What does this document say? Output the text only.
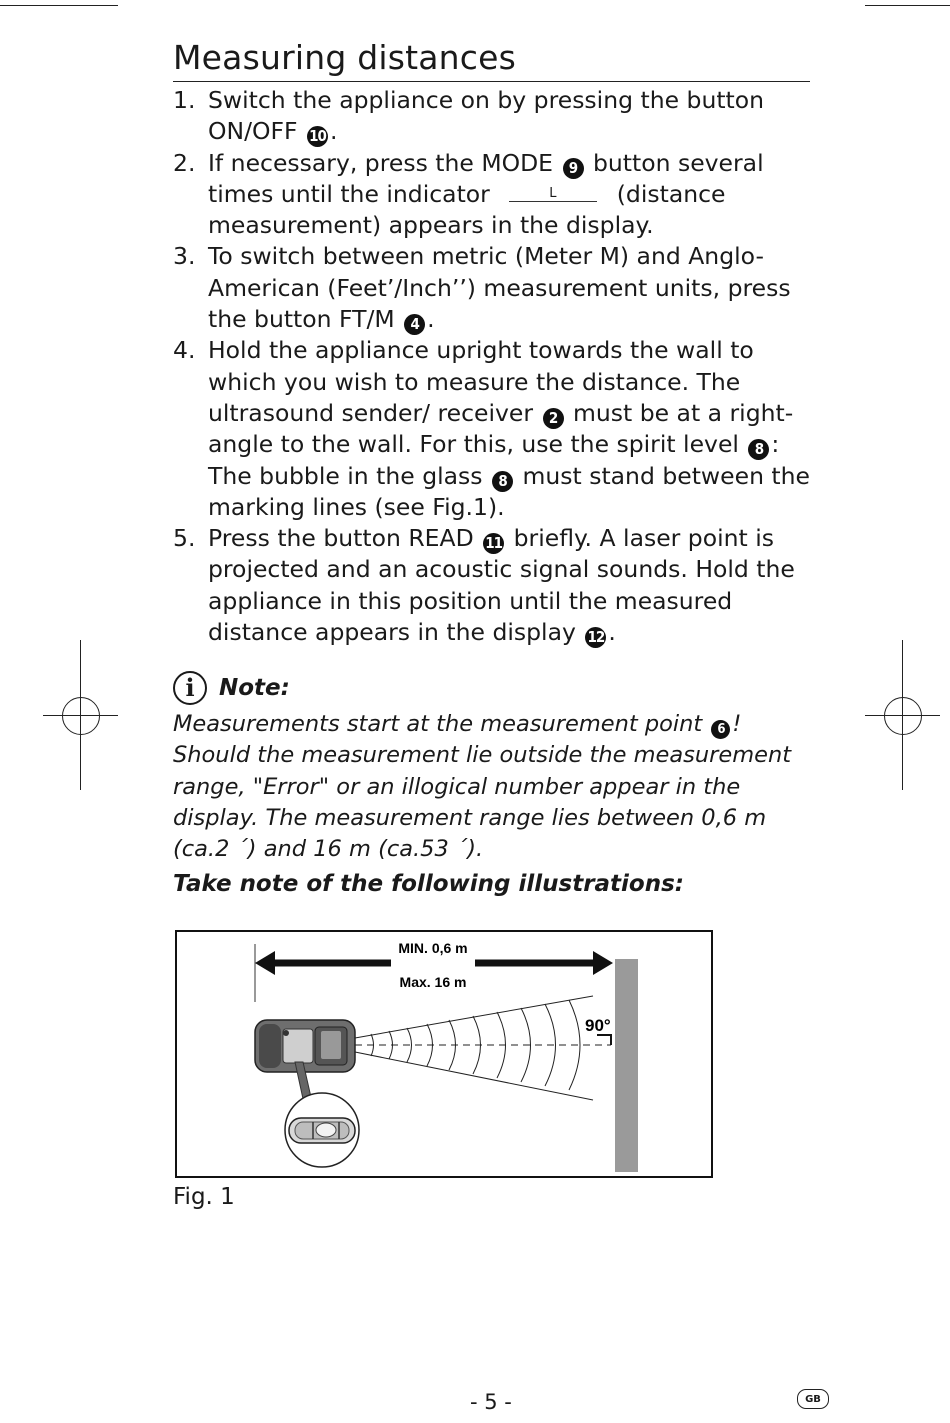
Measuring distances
1. Switch the appliance on by pressing the button ON/OFF 10 .
2. If necessary, press the MODE 9 button several times until the indicator	L (distance measurement) appears in the display.
3. To switch between metric (Meter M) and Anglo-American (Feet’/Inch’’) measurement units, press the button FT/M 4 .
4. Hold the appliance upright towards the wall to which you wish to measure the distance. The ultrasound sender/ receiver 2 must be at a right-angle to the wall. For this, use the spirit level 8 :
The bubble in the glass 8 must stand between the marking lines (see Fig.1).
5. Press the button READ 11 briefly. A laser point is projected and an acoustic signal sounds. Hold the appliance in this position until the measured distance appears in the display 12 .
i	Note:

Measurements start at the measurement point 6 ! Should the measurement lie outside the measurement range, "Error" or an illogical number appear in the display. The measurement range lies between 0,6 m (ca.2 ´) and 16 m (ca.53 ´).

Take note of the following illustrations:
MIN. 0,6 m
Max. 16 m
90°
Fig. 1
- 5 -	GB
